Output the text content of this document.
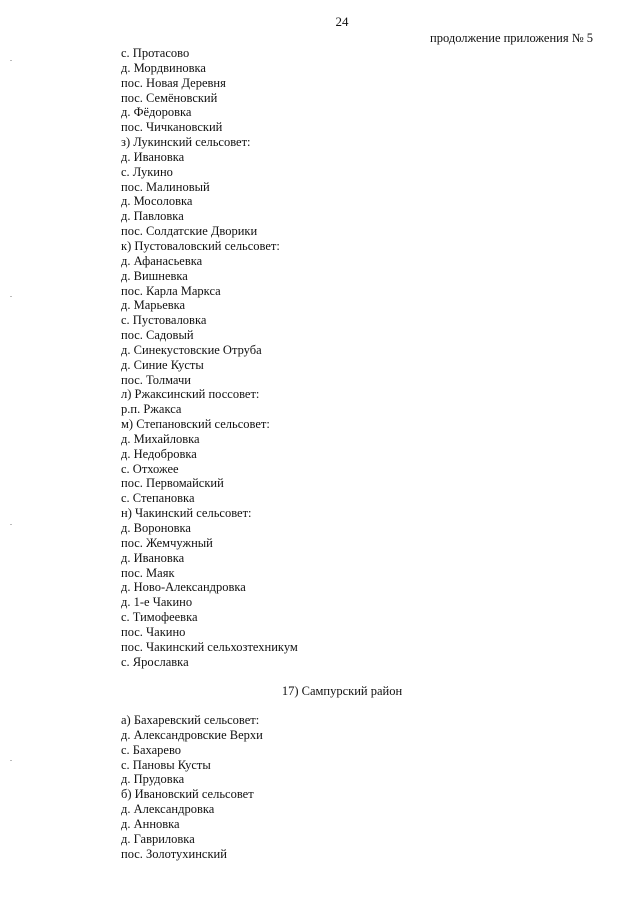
24
продолжение приложения № 5
с. Протасово
д. Мордвиновка
пос. Новая Деревня
пос. Семёновский
д. Фёдоровка
пос. Чичкановский
з) Лукинский сельсовет:
д. Ивановка
с. Лукино
пос. Малиновый
д. Мосоловка
д. Павловка
пос. Солдатские Дворики
к) Пустоваловский сельсовет:
д. Афанасьевка
д. Вишневка
пос. Карла Маркса
д. Марьевка
с. Пустоваловка
пос. Садовый
д. Синекустовские Отруба
д. Синие Кусты
пос. Толмачи
л) Ржаксинский поссовет:
р.п. Ржакса
м) Степановский сельсовет:
д. Михайловка
д. Недобровка
с. Отхожее
пос. Первомайский
с. Степановка
н) Чакинский сельсовет:
д. Вороновка
пос. Жемчужный
д. Ивановка
пос. Маяк
д. Ново-Александровка
д. 1-е Чакино
с. Тимофеевка
пос. Чакино
пос. Чакинский сельхозтехникум
с. Ярославка
17) Сампурский район
а) Бахаревский сельсовет:
д. Александровские Верхи
с. Бахарево
с. Пановы Кусты
д. Прудовка
б) Ивановский сельсовет
д. Александровка
д. Анновка
д. Гавриловка
пос. Золотухинский
